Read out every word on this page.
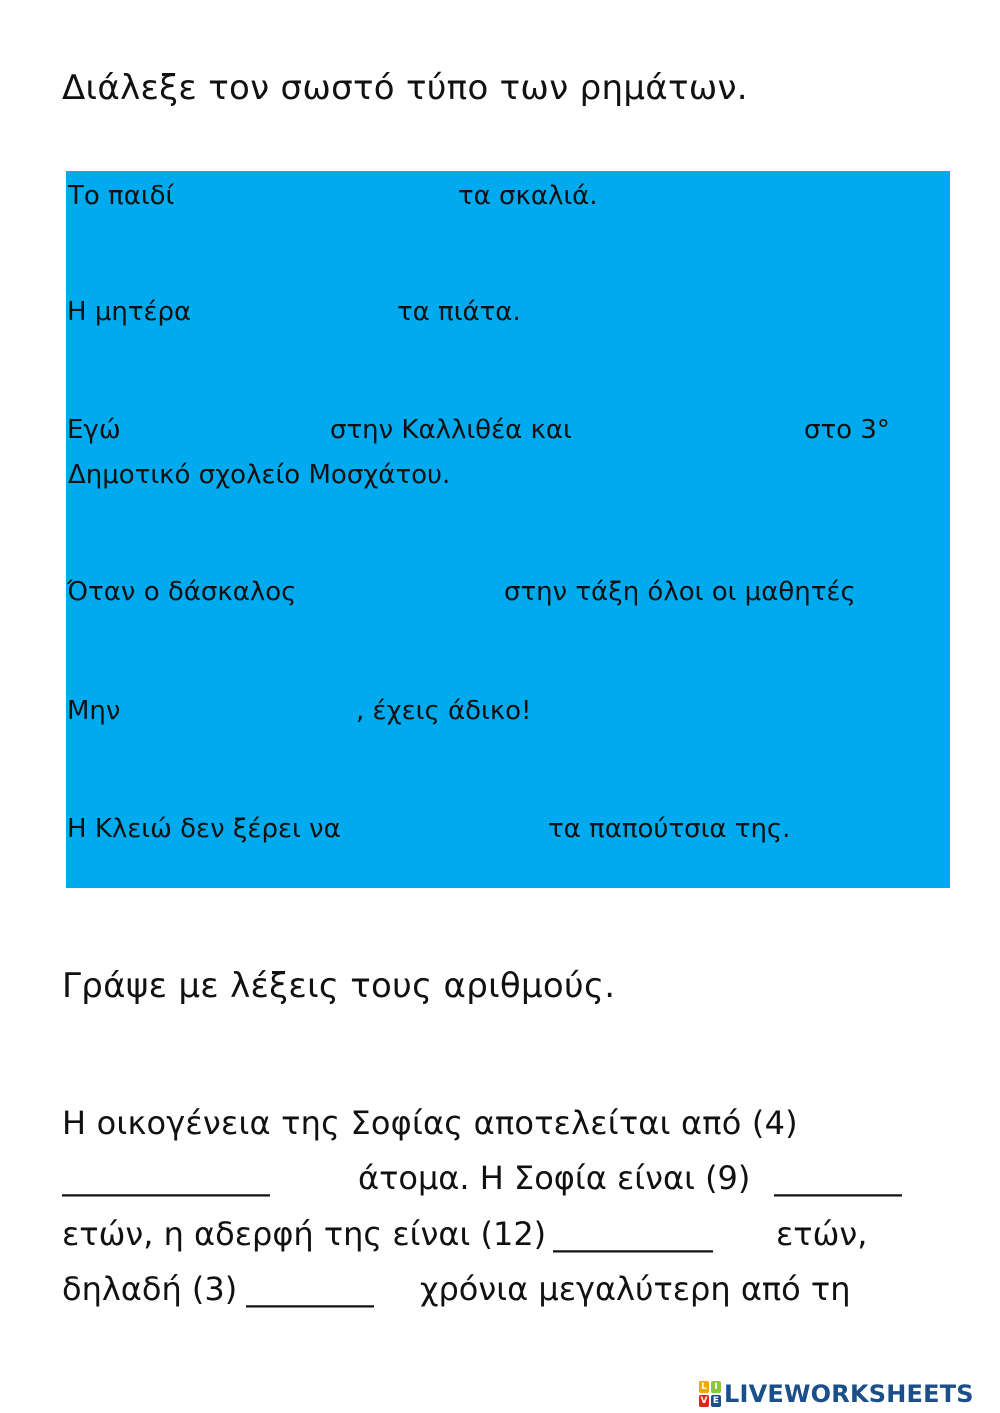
Διάλεξε τον σωστό τύπο των ρημάτων.
Το παιδί	τα σκαλιά.
Η μητέρα	τα πιάτα.
Εγώ	στην Καλλιθέα και	στο 3°
Δημοτικό σχολείο Μοσχάτου.
Όταν ο δάσκαλος	στην τάξη όλοι οι μαθητές
Μην	, έχεις άδικο!
Η Κλειώ δεν ξέρει να	τα παπούτσια της.
Γράψε με λέξεις τους αριθμούς.
Η οικογένεια της Σοφίας αποτελείται από (4)
_____________	άτομα. Η Σοφία είναι (9) ________
ετών, η αδερφή της είναι (12) __________ ετών,
δηλαδή (3) ________ χρόνια μεγαλύτερη από τη
L I
V E LIVEWORKSHEETS
